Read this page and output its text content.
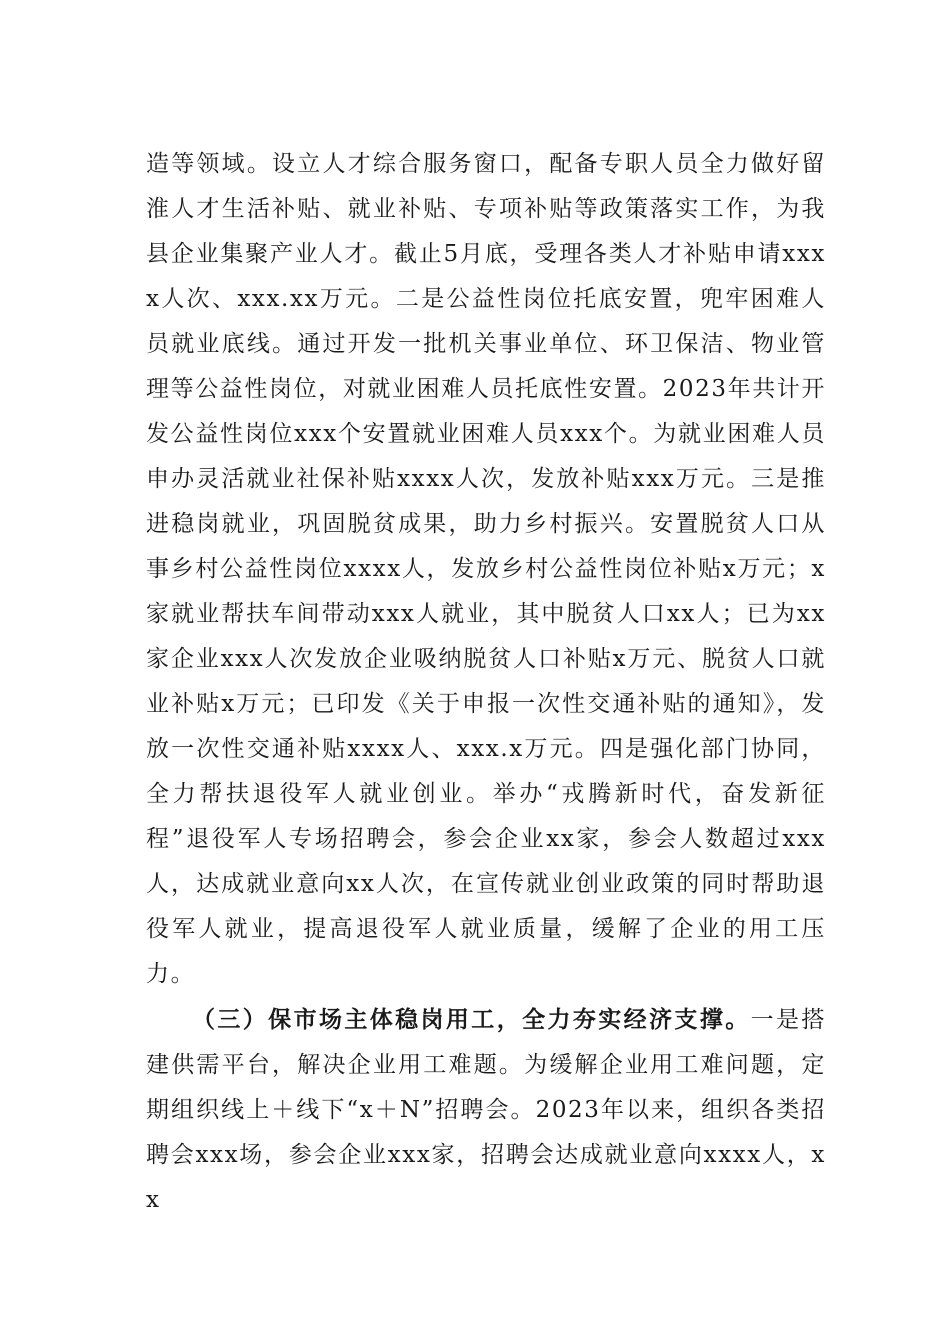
造等领域。设立人才综合服务窗口，配备专职人员全力做好留淮人才生活补贴、就业补贴、专项补贴等政策落实工作，为我县企业集聚产业人才。截止5月底，受理各类人才补贴申请xxxx人次、xxx.xx万元。二是公益性岗位托底安置，兜牢困难人员就业底线。通过开发一批机关事业单位、环卫保洁、物业管理等公益性岗位，对就业困难人员托底性安置。2023年共计开发公益性岗位xxx个安置就业困难人员xxx个。为就业困难人员申办灵活就业社保补贴xxxx人次，发放补贴xxx万元。三是推进稳岗就业，巩固脱贫成果，助力乡村振兴。安置脱贫人口从事乡村公益性岗位xxxx人，发放乡村公益性岗位补贴x万元；x家就业帮扶车间带动xxx人就业，其中脱贫人口xx人；已为xx家企业xxx人次发放企业吸纳脱贫人口补贴x万元、脱贫人口就业补贴x万元；已印发《关于申报一次性交通补贴的通知》，发放一次性交通补贴xxxx人、xxx.x万元。四是强化部门协同，全力帮扶退役军人就业创业。举办“戎腾新时代，奋发新征程”退役军人专场招聘会，参会企业xx家，参会人数超过xxx人，达成就业意向xx人次，在宣传就业创业政策的同时帮助退役军人就业，提高退役军人就业质量，缓解了企业的用工压力。

（三）保市场主体稳岗用工，全力夯实经济支撑。一是搭建供需平台，解决企业用工难题。为缓解企业用工难问题，定期组织线上＋线下“x＋N”招聘会。2023年以来，组织各类招聘会xxx场，参会企业xxx家，招聘会达成就业意向xxxx人，xx
